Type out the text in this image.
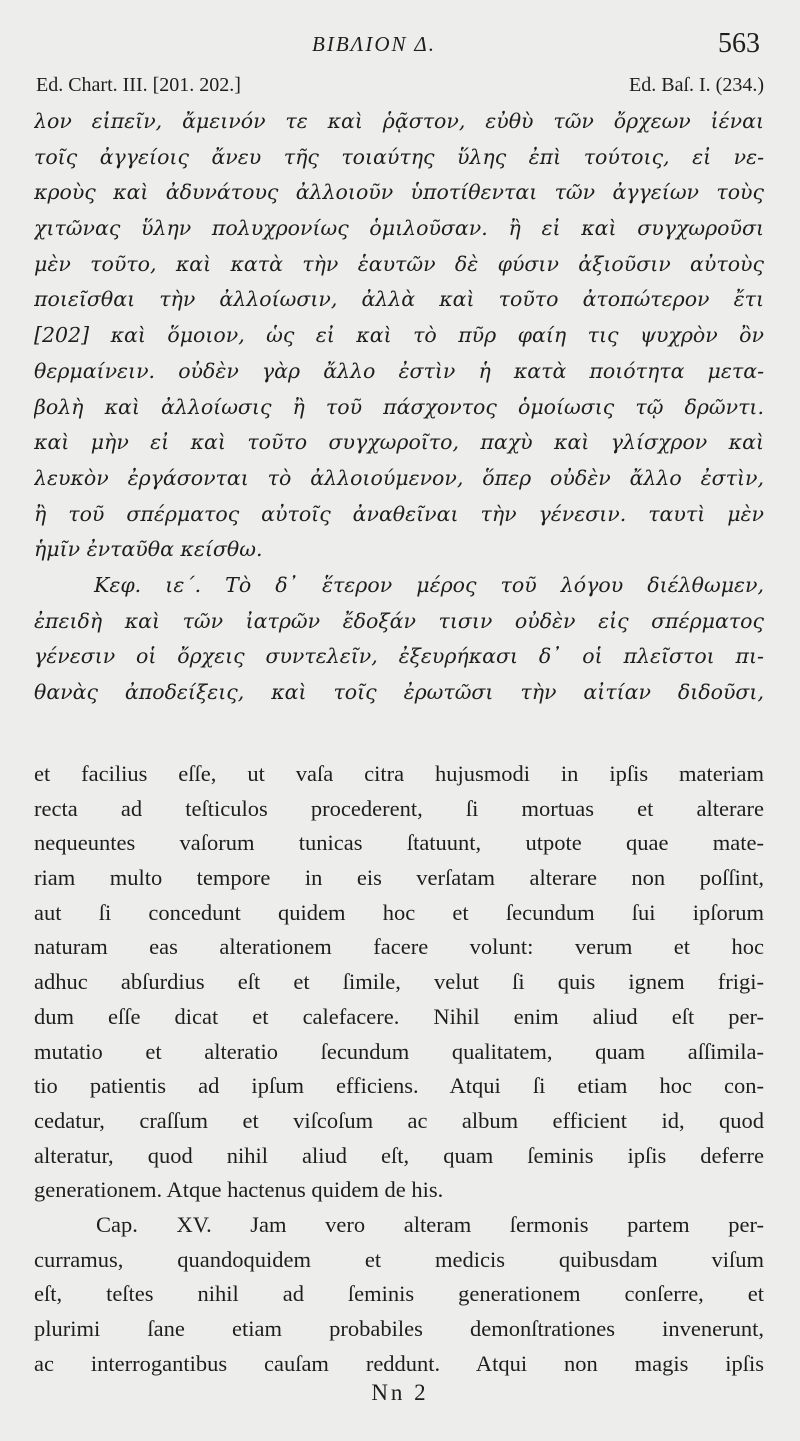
ΒΙΒΛΙΟΝ Δ.	563
Ed. Chart. III. [201. 202.]	Ed. Baſ. I. (234.)
λον εἰπεῖν, ἄμεινόν τε καὶ ῥᾷστον, εὐθὺ τῶν ὄρχεων ἰέναι
τοῖς ἀγγείοις ἄνευ τῆς τοιαύτης ὕλης ἐπὶ τούτοις, εἰ νε-
κροὺς καὶ ἀδυνάτους ἀλλοιοῦν ὑποτίθενται τῶν ἀγγείων τοὺς
χιτῶνας ὕλην πολυχρονίως ὁμιλοῦσαν. ἢ εἰ καὶ συγχωροῦσι
μὲν τοῦτο, καὶ κατὰ τὴν ἑαυτῶν δὲ φύσιν ἀξιοῦσιν αὐτοὺς
ποιεῖσθαι τὴν ἀλλοίωσιν, ἀλλὰ καὶ τοῦτο ἀτοπώτερον ἔτι
[202] καὶ ὅμοιον, ὡς εἰ καὶ τὸ πῦρ φαίη τις ψυχρὸν ὂν
θερμαίνειν. οὐδὲν γὰρ ἄλλο ἐστὶν ἡ κατὰ ποιότητα μετα-
βολὴ καὶ ἀλλοίωσις ἢ τοῦ πάσχοντος ὁμοίωσις τῷ δρῶντι.
καὶ μὴν εἰ καὶ τοῦτο συγχωροῖτο, παχὺ καὶ γλίσχρον καὶ
λευκὸν ἐργάσονται τὸ ἀλλοιούμενον, ὅπερ οὐδὲν ἄλλο ἐστὶν,
ἢ τοῦ σπέρματος αὐτοῖς ἀναθεῖναι τὴν γένεσιν. ταυτὶ μὲν
ἡμῖν ἐνταῦθα κείσθω.
Κεφ. ιε΄. Τὸ δ᾽ ἕτερον μέρος τοῦ λόγου διέλθωμεν,
ἐπειδὴ καὶ τῶν ἰατρῶν ἔδοξάν τισιν οὐδὲν εἰς σπέρματος
γένεσιν οἱ ὄρχεις συντελεῖν, ἐξευρήκασι δ᾽ οἱ πλεῖστοι πι-
θανὰς ἀποδείξεις, καὶ τοῖς ἐρωτῶσι τὴν αἰτίαν διδοῦσι,
et facilius eſſe, ut vaſa citra hujusmodi in ipſis materiam
recta ad teſticulos procederent, ſi mortuas et alterare
nequeuntes vaſorum tunicas ſtatuunt, utpote quae mate-
riam multo tempore in eis verſatam alterare non poſſint,
aut ſi concedunt quidem hoc et ſecundum ſui ipſorum
naturam eas alterationem facere volunt: verum et hoc
adhuc abſurdius eſt et ſimile, velut ſi quis ignem frigi-
dum eſſe dicat et calefacere. Nihil enim aliud eſt per-
mutatio et alteratio ſecundum qualitatem, quam aſſimila-
tio patientis ad ipſum efficiens. Atqui ſi etiam hoc con-
cedatur, craſſum et viſcoſum ac album efficient id, quod
alteratur, quod nihil aliud eſt, quam ſeminis ipſis deferre
generationem. Atque hactenus quidem de his.
Cap. XV. Jam vero alteram ſermonis partem per-
curramus, quandoquidem et medicis quibusdam viſum
eſt, teſtes nihil ad ſeminis generationem conſerre, et
plurimi ſane etiam probabiles demonſtrationes invenerunt,
ac interrogantibus cauſam reddunt. Atqui non magis ipſis
Nn 2
